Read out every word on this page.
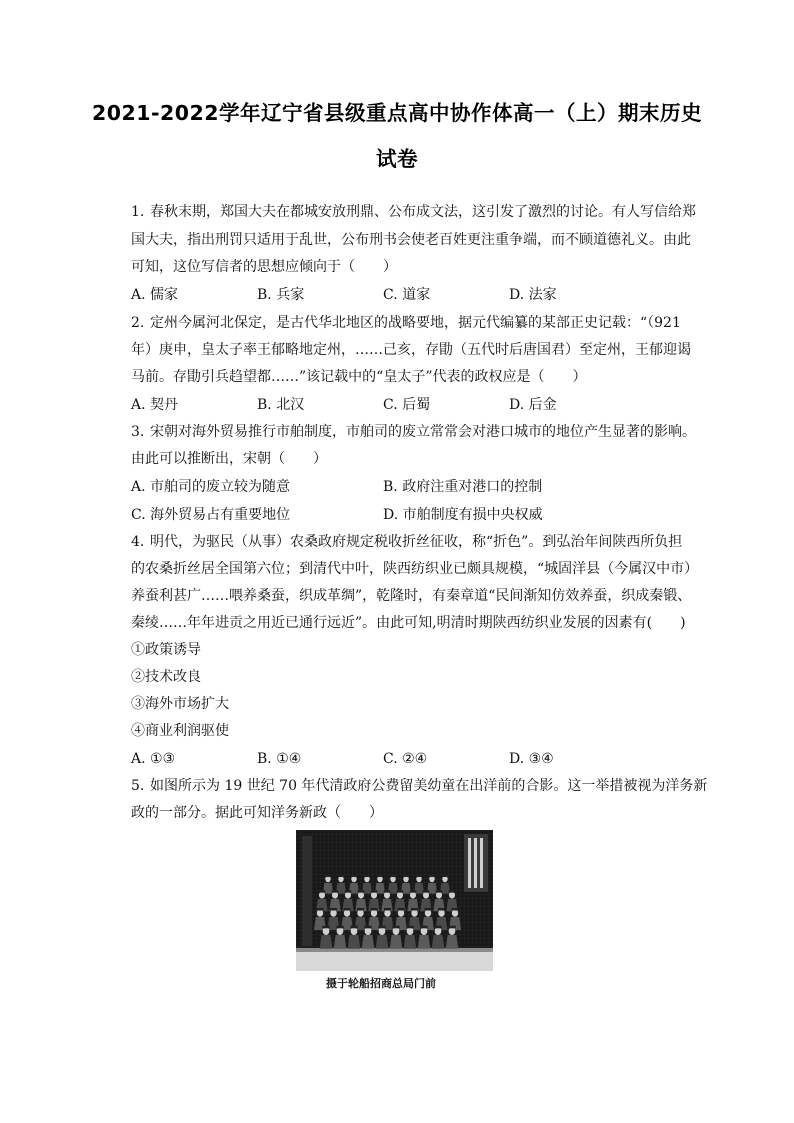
2021-2022学年辽宁省县级重点高中协作体高一（上）期末历史
试卷
1. 春秋末期，郑国大夫在都城安放刑鼎、公布成文法，这引发了激烈的讨论。有人写信给郑
国大夫，指出刑罚只适用于乱世，公布刑书会使老百姓更注重争端，而不顾道德礼义。由此
可知，这位写信者的思想应倾向于（　　）
A. 儒家	B. 兵家	C. 道家	D. 法家
2. 定州今属河北保定，是古代华北地区的战略要地，据元代编纂的某部正史记载：“（921
年）庚申，皇太子率王郁略地定州，……己亥，存勖（五代时后唐国君）至定州，王郁迎谒
马前。存勖引兵趋望都……”该记载中的“皇太子”代表的政权应是（　　）
A. 契丹	B. 北汉	C. 后蜀	D. 后金
3. 宋朝对海外贸易推行市舶制度，市舶司的废立常常会对港口城市的地位产生显著的影响。
由此可以推断出，宋朝（　　）
A. 市舶司的废立较为随意	B. 政府注重对港口的控制
C. 海外贸易占有重要地位	D. 市舶制度有损中央权威
4. 明代，为驱民（从事）农桑政府规定税收折丝征收，称“折色”。到弘治年间陕西所负担
的农桑折丝居全国第六位；到清代中叶，陕西纺织业已颇具规模，“城固洋县（今属汉中市）
养蚕利甚广……喂养桑蚕，织成革绸”，乾隆时，有秦章道“民间渐知仿效养蚕，织成秦锻、
秦绫……年年进贡之用近已通行远近”。由此可知,明清时期陕西纺织业发展的因素有(　　)
①政策诱导
②技术改良
③海外市场扩大
④商业利润驱使
A. ①③	B. ①④	C. ②④	D. ③④
5. 如图所示为 19 世纪 70 年代清政府公费留美幼童在出洋前的合影。这一举措被视为洋务新
政的一部分。据此可知洋务新政（　　）
摄于轮船招商总局门前
